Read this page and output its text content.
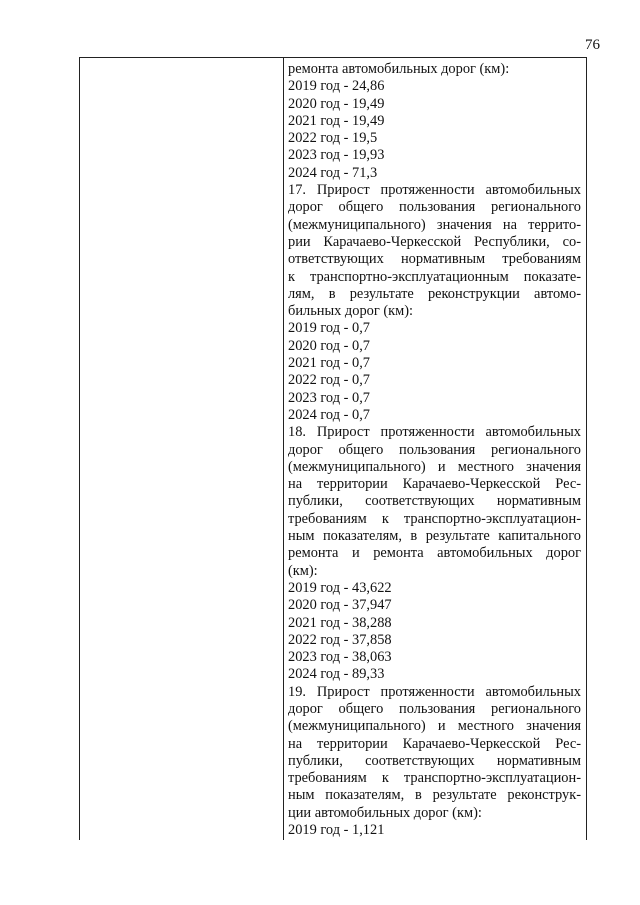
76
ремонта автомобильных дорог (км):
2019 год - 24,86
2020 год - 19,49
2021 год - 19,49
2022 год - 19,5
2023 год - 19,93
2024 год - 71,3
17. Прирост протяженности автомобильных
дорог общего пользования регионального
(межмуниципального) значения на террито-
рии Карачаево-Черкесской Республики, со-
ответствующих нормативным требованиям
к транспортно-эксплуатационным показате-
лям, в результате реконструкции автомо-
бильных дорог (км):
2019 год - 0,7
2020 год - 0,7
2021 год - 0,7
2022 год - 0,7
2023 год - 0,7
2024 год - 0,7
18. Прирост протяженности автомобильных
дорог общего пользования регионального
(межмуниципального) и местного значения
на территории Карачаево-Черкесской Рес-
публики, соответствующих нормативным
требованиям к транспортно-эксплуатацион-
ным показателям, в результате капитального
ремонта и ремонта автомобильных дорог
(км):
2019 год - 43,622
2020 год - 37,947
2021 год - 38,288
2022 год - 37,858
2023 год - 38,063
2024 год - 89,33
19. Прирост протяженности автомобильных
дорог общего пользования регионального
(межмуниципального) и местного значения
на территории Карачаево-Черкесской Рес-
публики, соответствующих нормативным
требованиям к транспортно-эксплуатацион-
ным показателям, в результате реконструк-
ции автомобильных дорог (км):
2019 год - 1,121
